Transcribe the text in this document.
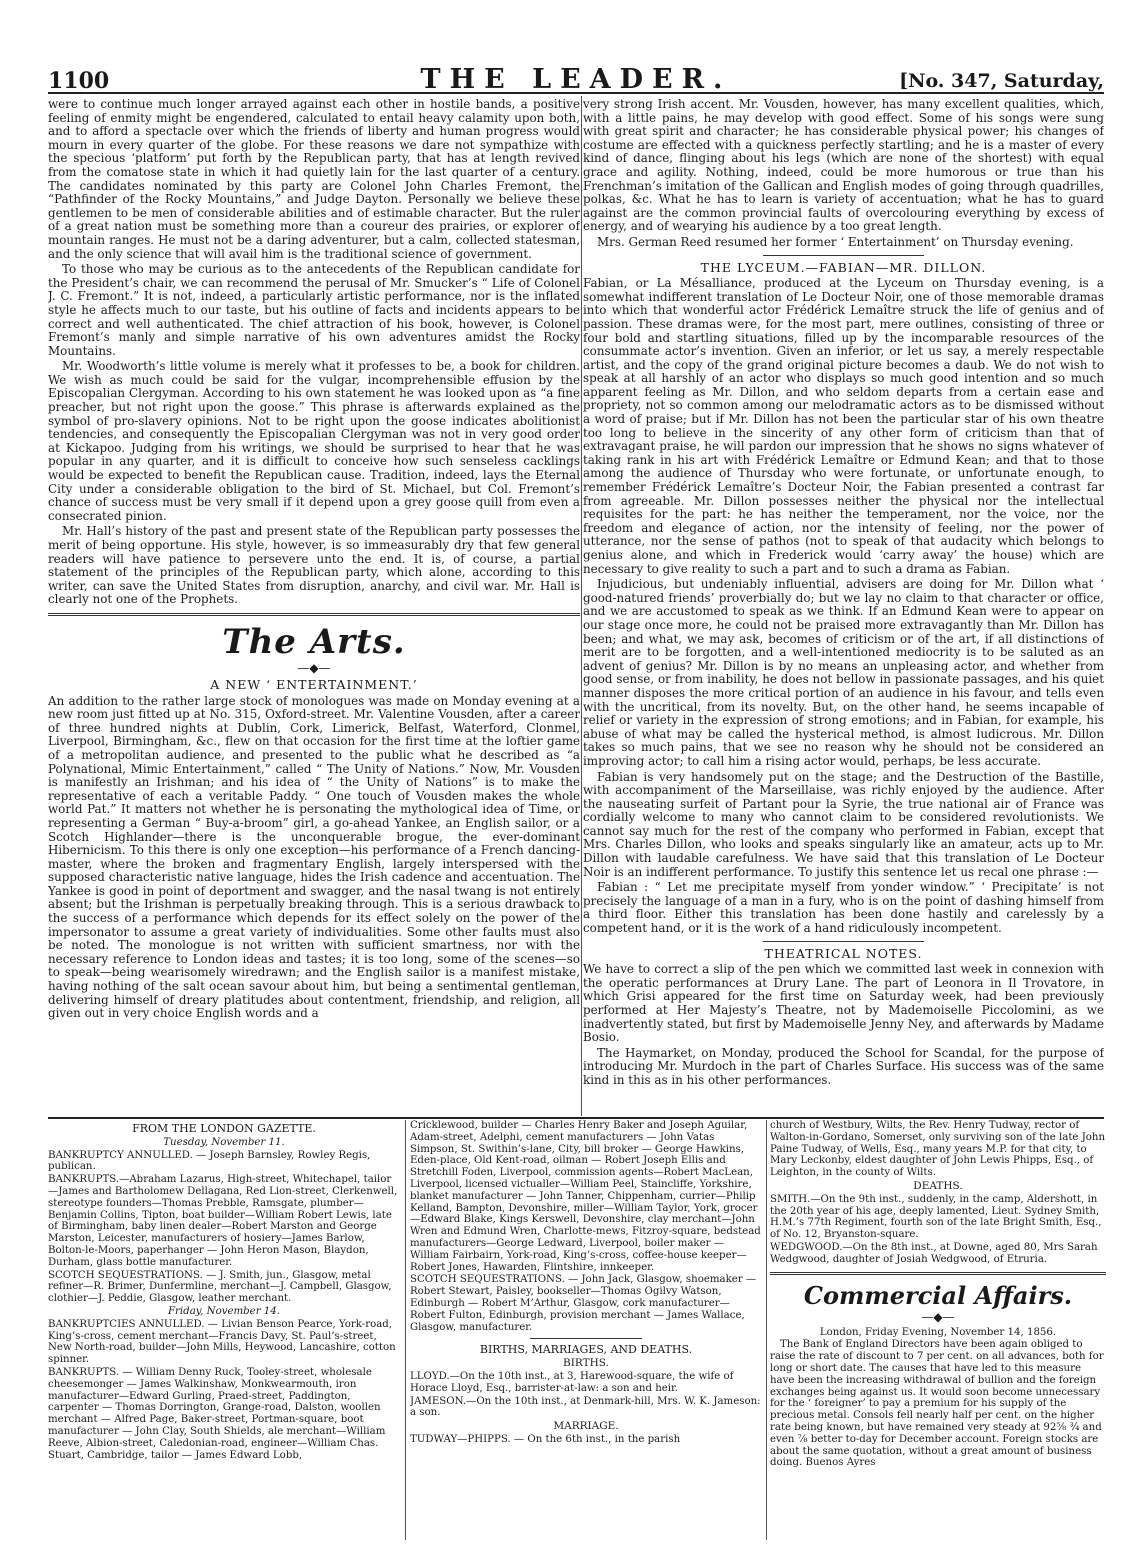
1100	THE LEADER.	[No. 347, Saturday,

were to continue much longer arrayed against each other in hostile bands, a positive feeling of enmity might be engendered, calculated to entail heavy calamity upon both, and to afford a spectacle over which the friends of liberty and human progress would mourn in every quarter of the globe. For these reasons we dare not sympathize with the specious ‘platform’ put forth by the Republican party, that has at length revived from the comatose state in which it had quietly lain for the last quarter of a century. The candidates nominated by this party are Colonel John Charles Fremont, the “Pathfinder of the Rocky Mountains,” and Judge Dayton. Personally we believe these gentlemen to be men of considerable abilities and of estimable character. But the ruler of a great nation must be something more than a coureur des prairies, or explorer of mountain ranges. He must not be a daring adventurer, but a calm, collected statesman, and the only science that will avail him is the traditional science of government.

To those who may be curious as to the antecedents of the Republican candidate for the President’s chair, we can recommend the perusal of Mr. Smucker’s “ Life of Colonel J. C. Fremont.” It is not, indeed, a particularly artistic performance, nor is the inflated style he affects much to our taste, but his outline of facts and incidents appears to be correct and well authenticated. The chief attraction of his book, however, is Colonel Fremont’s manly and simple narrative of his own adventures amidst the Rocky Mountains.

Mr. Woodworth’s little volume is merely what it professes to be, a book for children. We wish as much could be said for the vulgar, incomprehensible effusion by the Episcopalian Clergyman. According to his own statement he was looked upon as “a fine preacher, but not right upon the goose.” This phrase is afterwards explained as the symbol of pro-slavery opinions. Not to be right upon the goose indicates abolitionist tendencies, and consequently the Episcopalian Clergyman was not in very good order at Kickapoo. Judging from his writings, we should be surprised to hear that he was popular in any quarter, and it is difficult to conceive how such senseless cacklings would be expected to benefit the Republican cause. Tradition, indeed, lays the Eternal City under a considerable obligation to the bird of St. Michael, but Col. Fremont’s chance of success must be very small if it depend upon a grey goose quill from even a consecrated pinion.

Mr. Hall’s history of the past and present state of the Republican party possesses the merit of being opportune. His style, however, is so immeasurably dry that few general readers will have patience to persevere unto the end. It is, of course, a partial statement of the principles of the Republican party, which alone, according to this writer, can save the United States from disruption, anarchy, and civil war. Mr. Hall is clearly not one of the Prophets.

The Arts.
—◆—
A NEW ‘ ENTERTAINMENT.’

An addition to the rather large stock of monologues was made on Monday evening at a new room just fitted up at No. 315, Oxford-street. Mr. Valentine Vousden, after a career of three hundred nights at Dublin, Cork, Limerick, Belfast, Waterford, Clonmel, Liverpool, Birmingham, &c., flew on that occasion for the first time at the loftier game of a metropolitan audience, and presented to the public what he described as “a Polynational, Mimic Entertainment,” called “ The Unity of Nations.” Now, Mr. Vousden is manifestly an Irishman; and his idea of “ the Unity of Nations” is to make the representative of each a veritable Paddy. “ One touch of Vousden makes the whole world Pat.” It matters not whether he is personating the mythological idea of Time, or representing a German “ Buy-a-broom” girl, a go-ahead Yankee, an English sailor, or a Scotch Highlander—there is the unconquerable brogue, the ever-dominant Hibernicism. To this there is only one exception—his performance of a French dancing-master, where the broken and fragmentary English, largely interspersed with the supposed characteristic native language, hides the Irish cadence and accentuation. The Yankee is good in point of deportment and swagger, and the nasal twang is not entirely absent; but the Irishman is perpetually breaking through. This is a serious drawback to the success of a performance which depends for its effect solely on the power of the impersonator to assume a great variety of individualities. Some other faults must also be noted. The monologue is not written with sufficient smartness, nor with the necessary reference to London ideas and tastes; it is too long, some of the scenes—so to speak—being wearisomely wiredrawn; and the English sailor is a manifest mistake, having nothing of the salt ocean savour about him, but being a sentimental gentleman, delivering himself of dreary platitudes about contentment, friendship, and religion, all given out in very choice English words and a

very strong Irish accent. Mr. Vousden, however, has many excellent qualities, which, with a little pains, he may develop with good effect. Some of his songs were sung with great spirit and character; he has considerable physical power; his changes of costume are effected with a quickness perfectly startling; and he is a master of every kind of dance, flinging about his legs (which are none of the shortest) with equal grace and agility. Nothing, indeed, could be more humorous or true than his Frenchman’s imitation of the Gallican and English modes of going through quadrilles, polkas, &c. What he has to learn is variety of accentuation; what he has to guard against are the common provincial faults of overcolouring everything by excess of energy, and of wearying his audience by a too great length.

Mrs. German Reed resumed her former ‘ Entertainment’ on Thursday evening.

THE LYCEUM.—FABIAN—MR. DILLON.

Fabian, or La Mésalliance, produced at the Lyceum on Thursday evening, is a somewhat indifferent translation of Le Docteur Noir, one of those memorable dramas into which that wonderful actor Frédérick Lemaître struck the life of genius and of passion. These dramas were, for the most part, mere outlines, consisting of three or four bold and startling situations, filled up by the incomparable resources of the consummate actor’s invention. Given an inferior, or let us say, a merely respectable artist, and the copy of the grand original picture becomes a daub. We do not wish to speak at all harshly of an actor who displays so much good intention and so much apparent feeling as Mr. Dillon, and who seldom departs from a certain ease and propriety, not so common among our melodramatic actors as to be dismissed without a word of praise; but if Mr. Dillon has not been the particular star of his own theatre too long to believe in the sincerity of any other form of criticism than that of extravagant praise, he will pardon our impression that he shows no signs whatever of taking rank in his art with Frédérick Lemaître or Edmund Kean; and that to those among the audience of Thursday who were fortunate, or unfortunate enough, to remember Frédérick Lemaître’s Docteur Noir, the Fabian presented a contrast far from agreeable. Mr. Dillon possesses neither the physical nor the intellectual requisites for the part: he has neither the temperament, nor the voice, nor the freedom and elegance of action, nor the intensity of feeling, nor the power of utterance, nor the sense of pathos (not to speak of that audacity which belongs to genius alone, and which in Frederick would ‘carry away’ the house) which are necessary to give reality to such a part and to such a drama as Fabian.

Injudicious, but undeniably influential, advisers are doing for Mr. Dillon what ‘ good-natured friends’ proverbially do; but we lay no claim to that character or office, and we are accustomed to speak as we think. If an Edmund Kean were to appear on our stage once more, he could not be praised more extravagantly than Mr. Dillon has been; and what, we may ask, becomes of criticism or of the art, if all distinctions of merit are to be forgotten, and a well-intentioned mediocrity is to be saluted as an advent of genius? Mr. Dillon is by no means an unpleasing actor, and whether from good sense, or from inability, he does not bellow in passionate passages, and his quiet manner disposes the more critical portion of an audience in his favour, and tells even with the uncritical, from its novelty. But, on the other hand, he seems incapable of relief or variety in the expression of strong emotions; and in Fabian, for example, his abuse of what may be called the hysterical method, is almost ludicrous. Mr. Dillon takes so much pains, that we see no reason why he should not be considered an improving actor; to call him a rising actor would, perhaps, be less accurate.

Fabian is very handsomely put on the stage; and the Destruction of the Bastille, with accompaniment of the Marseillaise, was richly enjoyed by the audience. After the nauseating surfeit of Partant pour la Syrie, the true national air of France was cordially welcome to many who cannot claim to be considered revolutionists. We cannot say much for the rest of the company who performed in Fabian, except that Mrs. Charles Dillon, who looks and speaks singularly like an amateur, acts up to Mr. Dillon with laudable carefulness. We have said that this translation of Le Docteur Noir is an indifferent performance. To justify this sentence let us recal one phrase :—

Fabian : “ Let me precipitate myself from yonder window.” ‘ Precipitate’ is not precisely the language of a man in a fury, who is on the point of dashing himself from a third floor. Either this translation has been done hastily and carelessly by a competent hand, or it is the work of a hand ridiculously incompetent.

THEATRICAL NOTES.

We have to correct a slip of the pen which we committed last week in connexion with the operatic performances at Drury Lane. The part of Leonora in Il Trovatore, in which Grisi appeared for the first time on Saturday week, had been previously performed at Her Majesty’s Theatre, not by Mademoiselle Piccolomini, as we inadvertently stated, but first by Mademoiselle Jenny Ney, and afterwards by Madame Bosio.

The Haymarket, on Monday, produced the School for Scandal, for the purpose of introducing Mr. Murdoch in the part of Charles Surface. His success was of the same kind in this as in his other performances.

FROM THE LONDON GAZETTE.
Tuesday, November 11.

BANKRUPTCY ANNULLED. — Joseph Barnsley, Rowley Regis, publican.

BANKRUPTS.—Abraham Lazarus, High-street, Whitechapel, tailor—James and Bartholomew Dellagana, Red Lion-street, Clerkenwell, stereotype founders—Thomas Prebble, Ramsgate, plumber—Benjamin Collins, Tipton, boat builder—William Robert Lewis, late of Birmingham, baby linen dealer—Robert Marston and George Marston, Leicester, manufacturers of hosiery—James Barlow, Bolton-le-Moors, paperhanger — John Heron Mason, Blaydon, Durham, glass bottle manufacturer.

SCOTCH SEQUESTRATIONS. — J. Smith, jun., Glasgow, metal refiner—R. Brimer, Dunfermline, merchant—J. Campbell, Glasgow, clothier—J. Peddie, Glasgow, leather merchant.

Friday, November 14.

BANKRUPTCIES ANNULLED. — Livian Benson Pearce, York-road, King’s-cross, cement merchant—Francis Davy, St. Paul’s-street, New North-road, builder—John Mills, Heywood, Lancashire, cotton spinner.

BANKRUPTS. — William Denny Ruck, Tooley-street, wholesale cheesemonger — James Walkinshaw, Monkwearmouth, iron manufacturer—Edward Gurling, Praed-street, Paddington, carpenter — Thomas Dorrington, Grange-road, Dalston, woollen merchant — Alfred Page, Baker-street, Portman-square, boot manufacturer — John Clay, South Shields, ale merchant—William Reeve, Albion-street, Caledonian-road, engineer—William Chas. Stuart, Cambridge, tailor — James Edward Lobb,

Cricklewood, builder — Charles Henry Baker and Joseph Aguilar, Adam-street, Adelphi, cement manufacturers — John Vatas Simpson, St. Swithin’s-lane, City, bill broker — George Hawkins, Eden-place, Old Kent-road, oilman — Robert Joseph Ellis and Stretchill Foden, Liverpool, commission agents—Robert MacLean, Liverpool, licensed victualler—William Peel, Staincliffe, Yorkshire, blanket manufacturer — John Tanner, Chippenham, currier—Philip Kelland, Bampton, Devonshire, miller—William Taylor, York, grocer—Edward Blake, Kings Kerswell, Devonshire, clay merchant—John Wren and Edmund Wren, Charlotte-mews, Fitzroy-square, bedstead manufacturers—George Ledward, Liverpool, boiler maker — William Fairbairn, York-road, King’s-cross, coffee-house keeper—Robert Jones, Hawarden, Flintshire, innkeeper.

SCOTCH SEQUESTRATIONS. — John Jack, Glasgow, shoemaker — Robert Stewart, Paisley, bookseller—Thomas Ogilvy Watson, Edinburgh — Robert M’Arthur, Glasgow, cork manufacturer—Robert Fulton, Edinburgh, provision merchant — James Wallace, Glasgow, manufacturer.

BIRTHS, MARRIAGES, AND DEATHS.
BIRTHS.

LLOYD.—On the 10th inst., at 3, Harewood-square, the wife of Horace Lloyd, Esq., barrister-at-law: a son and heir.

JAMESON.—On the 10th inst., at Denmark-hill, Mrs. W. K. Jameson: a son.

MARRIAGE.

TUDWAY—PHIPPS. — On the 6th inst., in the parish

church of Westbury, Wilts, the Rev. Henry Tudway, rector of Walton-in-Gordano, Somerset, only surviving son of the late John Paine Tudway, of Wells, Esq., many years M.P. for that city, to Mary Leckonby, eldest daughter of John Lewis Phipps, Esq., of Leighton, in the county of Wilts.

DEATHS.

SMITH.—On the 9th inst., suddenly, in the camp, Aldershott, in the 20th year of his age, deeply lamented, Lieut. Sydney Smith, H.M.’s 77th Regiment, fourth son of the late Bright Smith, Esq., of No. 12, Bryanston-square.

WEDGWOOD.—On the 8th inst., at Downe, aged 80, Mrs Sarah Wedgwood, daughter of Josiah Wedgwood, of Etruria.

Commercial Affairs.
—◆—
London, Friday Evening, November 14, 1856.

The Bank of England Directors have been again obliged to raise the rate of discount to 7 per cent. on all advances, both for long or short date. The causes that have led to this measure have been the increasing withdrawal of bullion and the foreign exchanges being against us. It would soon become unnecessary for the ‘ foreigner’ to pay a premium for his supply of the precious metal. Consols fell nearly half per cent. on the higher rate being known, but have remained very steady at 92⅝ ¾ and even ⅞ better to-day for December account. Foreign stocks are about the same quotation, without a great amount of business doing. Buenos Ayres
